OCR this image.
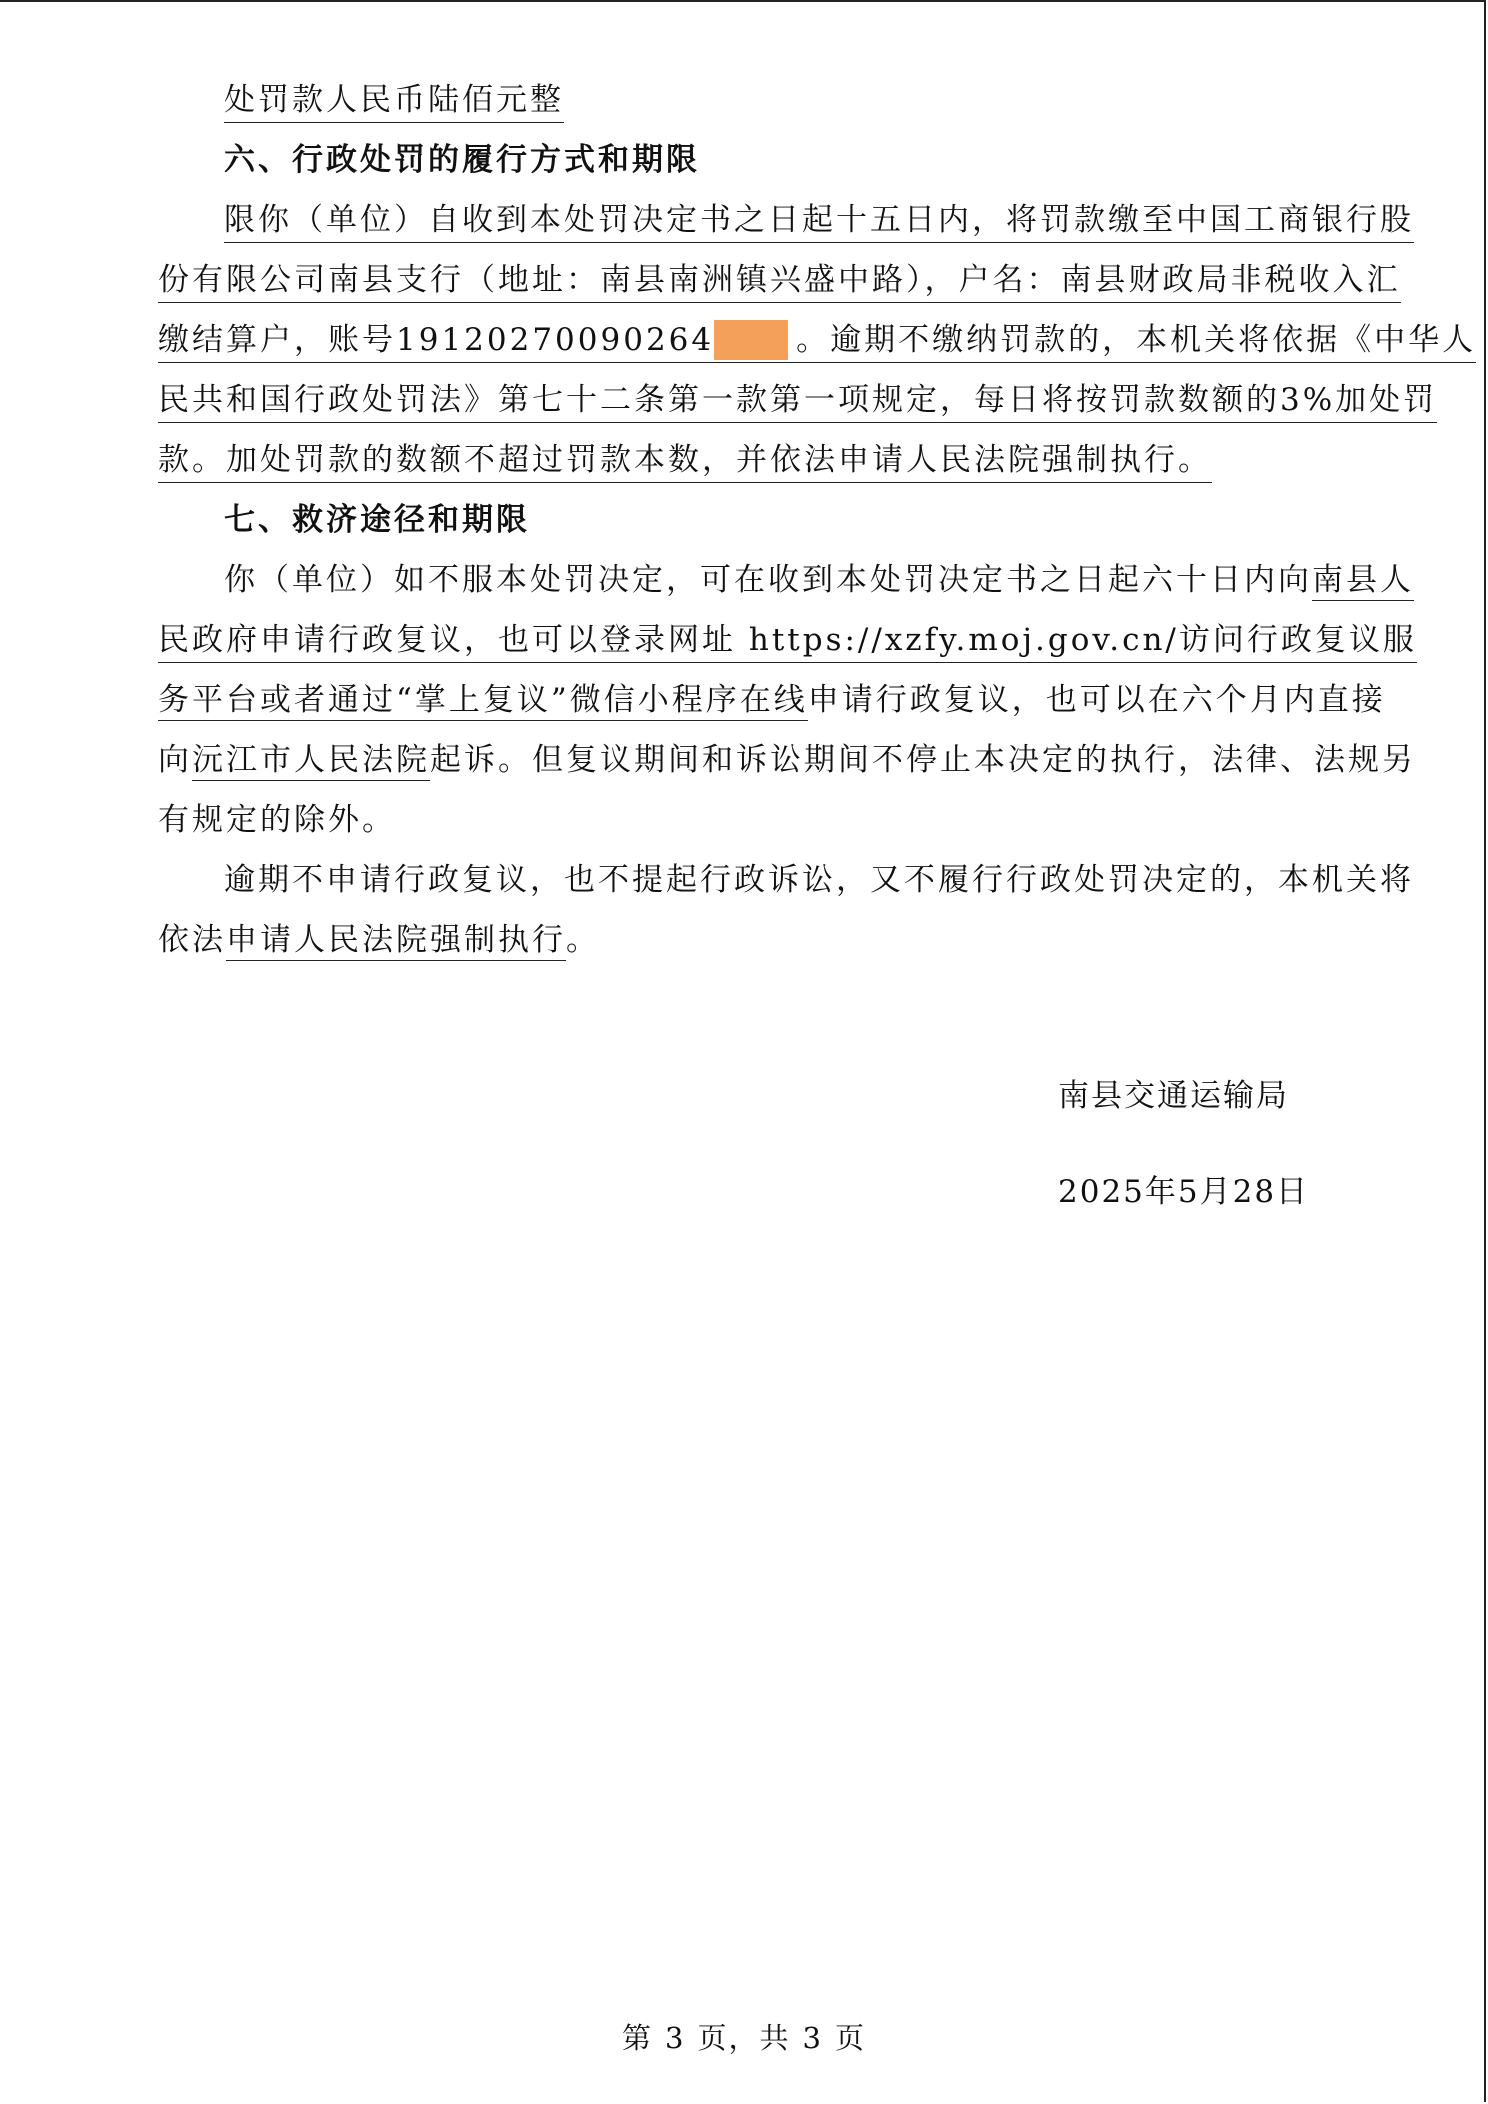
处罚款人民币陆佰元整
六、行政处罚的履行方式和期限
限你（单位）自收到本处罚决定书之日起十五日内，将罚款缴至中国工商银行股
份有限公司南县支行（地址：南县南洲镇兴盛中路），户名：南县财政局非税收入汇
缴结算户，账号19120270090264	。逾期不缴纳罚款的，本机关将依据《中华人
民共和国行政处罚法》第七十二条第一款第一项规定，每日将按罚款数额的3%加处罚
款。加处罚款的数额不超过罚款本数，并依法申请人民法院强制执行。
七、救济途径和期限
你（单位）如不服本处罚决定，可在收到本处罚决定书之日起六十日内向南县人
民政府申请行政复议，也可以登录网址 https://xzfy.moj.gov.cn/访问行政复议服
务平台或者通过“掌上复议”微信小程序在线申请行政复议，也可以在六个月内直接
向沅江市人民法院起诉。但复议期间和诉讼期间不停止本决定的执行，法律、法规另
有规定的除外。
逾期不申请行政复议，也不提起行政诉讼，又不履行行政处罚决定的，本机关将
依法申请人民法院强制执行。
南县交通运输局
2025年5月28日
第 3 页，共 3 页
